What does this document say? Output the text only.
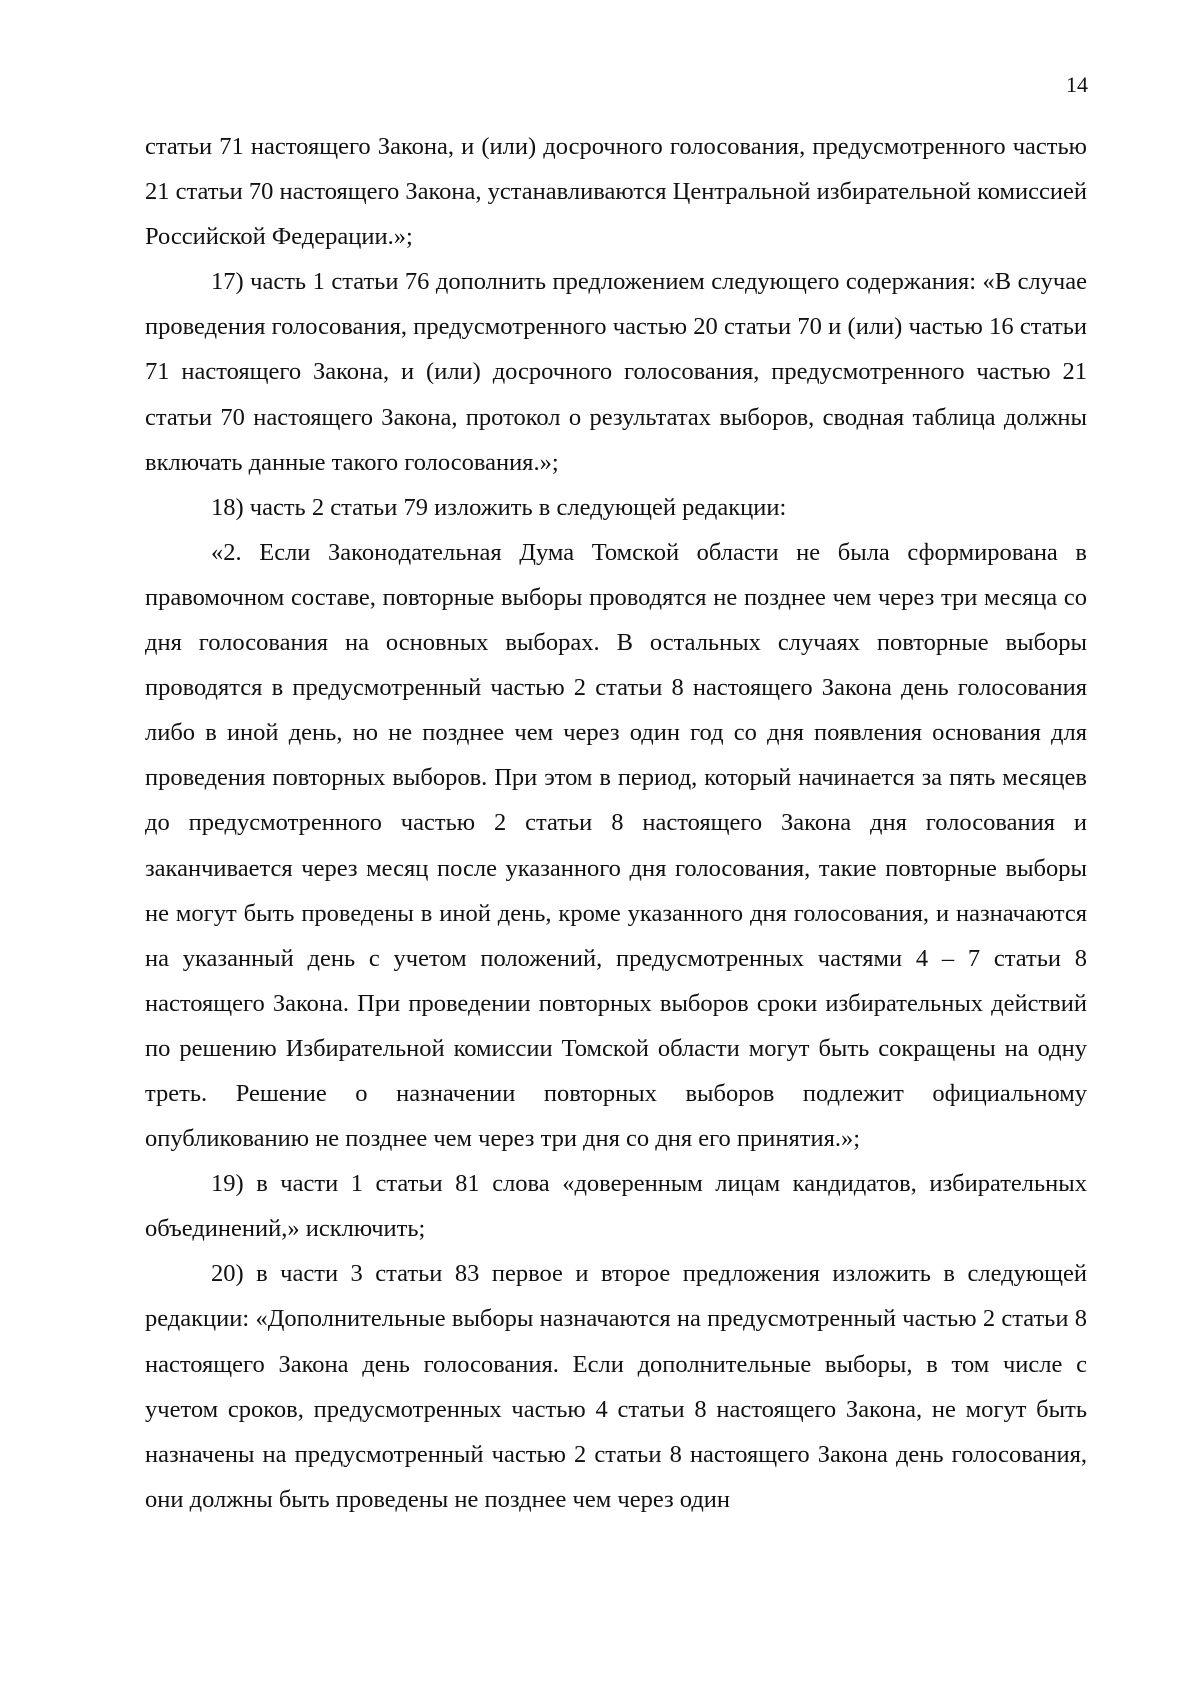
14

статьи 71 настоящего Закона, и (или) досрочного голосования, предусмотренного частью 21 статьи 70 настоящего Закона, устанавливаются Центральной избирательной комиссией Российской Федерации.»;

17) часть 1 статьи 76 дополнить предложением следующего содержания: «В случае проведения голосования, предусмотренного частью 20 статьи 70 и (или) частью 16 статьи 71 настоящего Закона, и (или) досрочного голосования, предусмотренного частью 21 статьи 70 настоящего Закона, протокол о результатах выборов, сводная таблица должны включать данные такого голосования.»;

18) часть 2 статьи 79 изложить в следующей редакции:

«2. Если Законодательная Дума Томской области не была сформирована в правомочном составе, повторные выборы проводятся не позднее чем через три месяца со дня голосования на основных выборах. В остальных случаях повторные выборы проводятся в предусмотренный частью 2 статьи 8 настоящего Закона день голосования либо в иной день, но не позднее чем через один год со дня появления основания для проведения повторных выборов. При этом в период, который начинается за пять месяцев до предусмотренного частью 2 статьи 8 настоящего Закона дня голосования и заканчивается через месяц после указанного дня голосования, такие повторные выборы не могут быть проведены в иной день, кроме указанного дня голосования, и назначаются на указанный день с учетом положений, предусмотренных частями 4 – 7 статьи 8 настоящего Закона. При проведении повторных выборов сроки избирательных действий по решению Избирательной комиссии Томской области могут быть сокращены на одну треть. Решение о назначении повторных выборов подлежит официальному опубликованию не позднее чем через три дня со дня его принятия.»;

19) в части 1 статьи 81 слова «доверенным лицам кандидатов, избирательных объединений,» исключить;

20) в части 3 статьи 83 первое и второе предложения изложить в следующей редакции: «Дополнительные выборы назначаются на предусмотренный частью 2 статьи 8 настоящего Закона день голосования. Если дополнительные выборы, в том числе с учетом сроков, предусмотренных частью 4 статьи 8 настоящего Закона, не могут быть назначены на предусмотренный частью 2 статьи 8 настоящего Закона день голосования, они должны быть проведены не позднее чем через один
